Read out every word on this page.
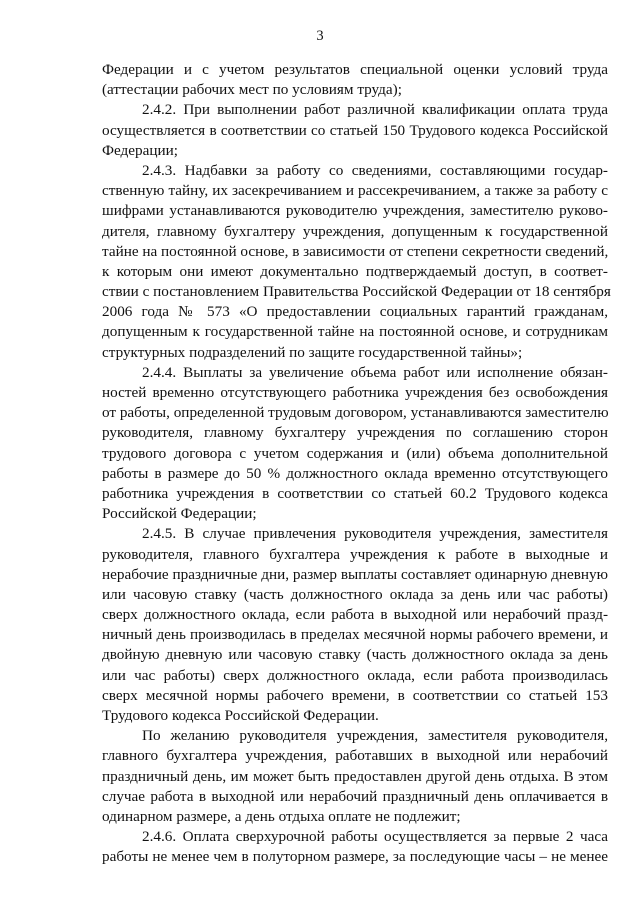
3
Федерации и с учетом результатов специальной оценки условий труда
(аттестации рабочих мест по условиям труда);
2.4.2. При выполнении работ различной квалификации оплата труда
осуществляется в соответствии со статьей 150 Трудового кодекса Российской
Федерации;
2.4.3. Надбавки за работу со сведениями, составляющими государ-
ственную тайну, их засекречиванием и рассекречиванием, а также за работу с
шифрами устанавливаются руководителю учреждения, заместителю руково-
дителя, главному бухгалтеру учреждения, допущенным к государственной
тайне на постоянной основе, в зависимости от степени секретности сведений,
к которым они имеют документально подтверждаемый доступ, в соответ-
ствии с постановлением Правительства Российской Федерации от 18 сентября
2006 года № 573 «О предоставлении социальных гарантий гражданам,
допущенным к государственной тайне на постоянной основе, и сотрудникам
структурных подразделений по защите государственной тайны»;
2.4.4. Выплаты за увеличение объема работ или исполнение обязан-
ностей временно отсутствующего работника учреждения без освобождения
от работы, определенной трудовым договором, устанавливаются заместителю
руководителя, главному бухгалтеру учреждения по соглашению сторон
трудового договора с учетом содержания и (или) объема дополнительной
работы в размере до 50 % должностного оклада временно отсутствующего
работника учреждения в соответствии со статьей 60.2 Трудового кодекса
Российской Федерации;
2.4.5. В случае привлечения руководителя учреждения, заместителя
руководителя, главного бухгалтера учреждения к работе в выходные и
нерабочие праздничные дни, размер выплаты составляет одинарную дневную
или часовую ставку (часть должностного оклада за день или час работы)
сверх должностного оклада, если работа в выходной или нерабочий празд-
ничный день производилась в пределах месячной нормы рабочего времени, и
двойную дневную или часовую ставку (часть должностного оклада за день
или час работы) сверх должностного оклада, если работа производилась
сверх месячной нормы рабочего времени, в соответствии со статьей 153
Трудового кодекса Российской Федерации.
По желанию руководителя учреждения, заместителя руководителя,
главного бухгалтера учреждения, работавших в выходной или нерабочий
праздничный день, им может быть предоставлен другой день отдыха. В этом
случае работа в выходной или нерабочий праздничный день оплачивается в
одинарном размере, а день отдыха оплате не подлежит;
2.4.6. Оплата сверхурочной работы осуществляется за первые 2 часа
работы не менее чем в полуторном размере, за последующие часы – не менее
